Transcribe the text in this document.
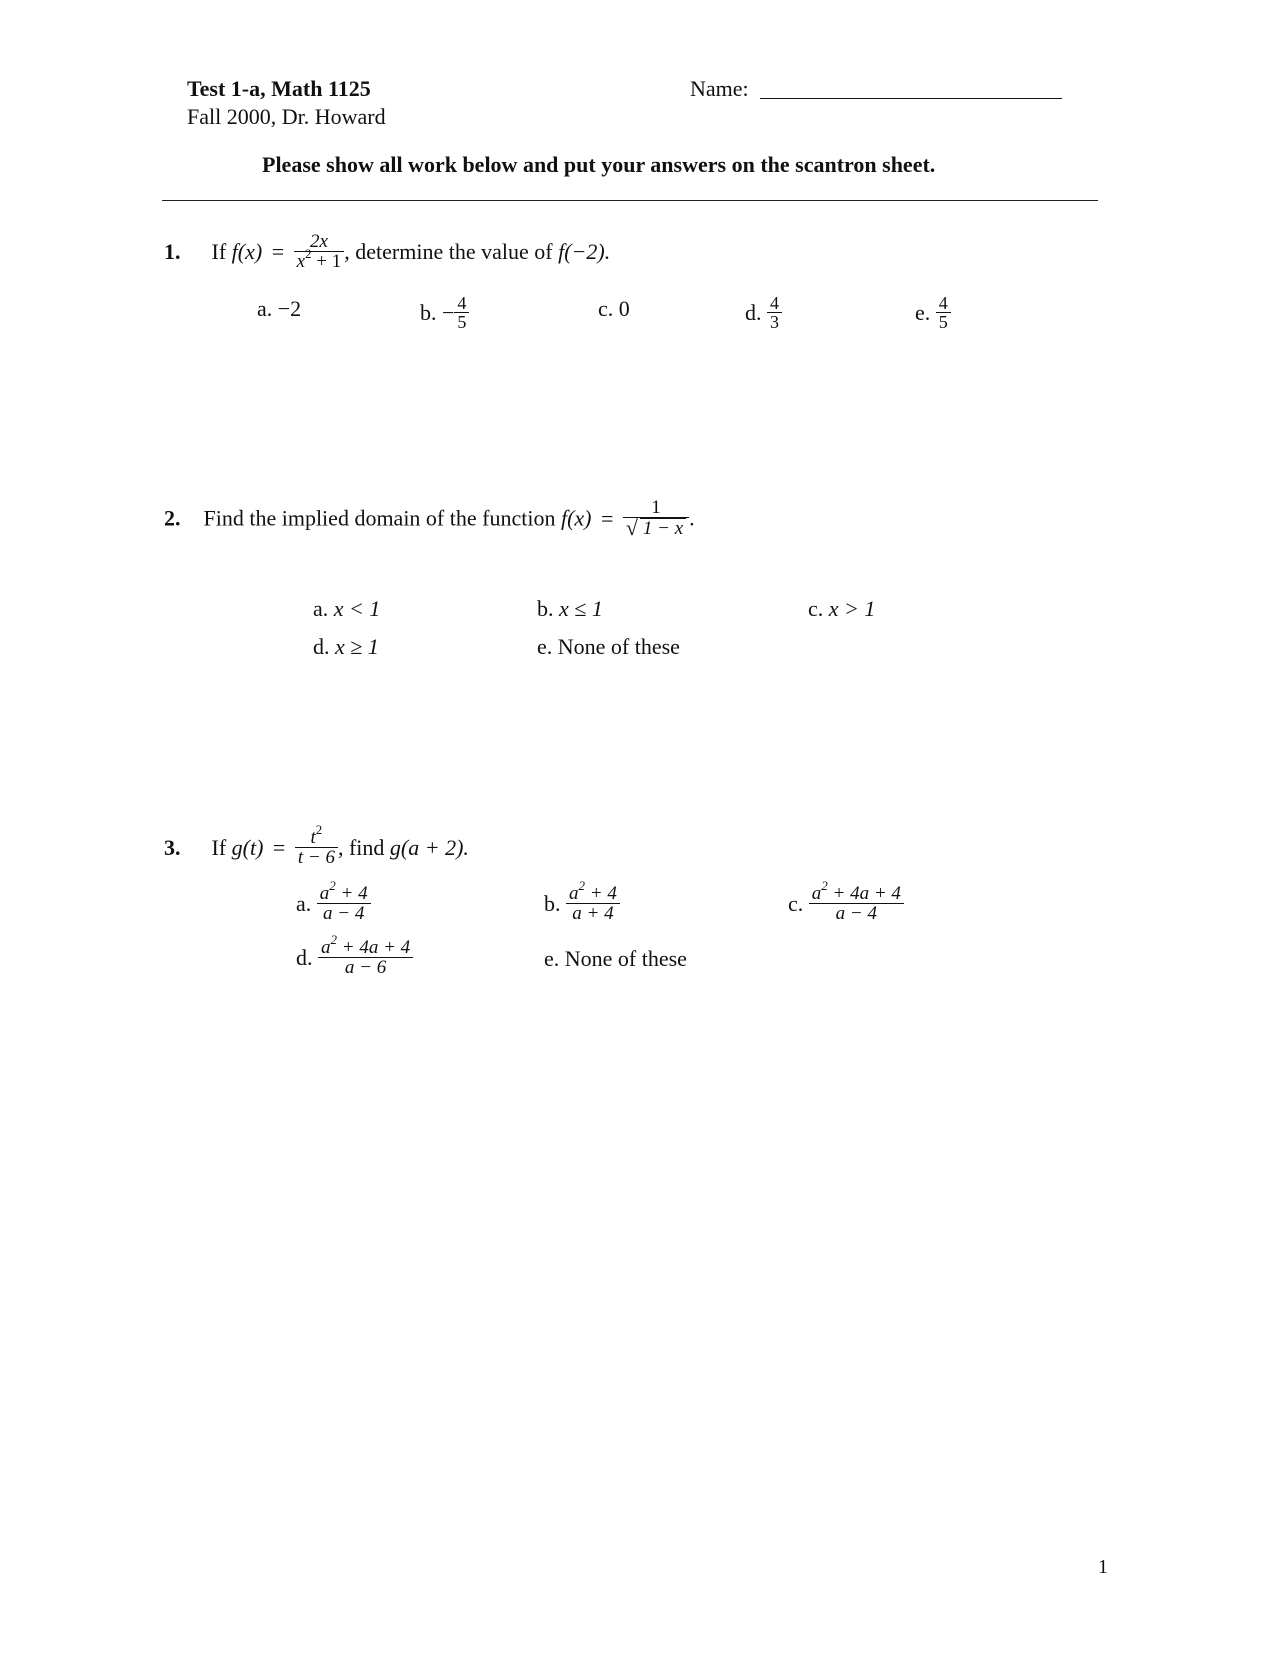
Test 1-a, Math 1125
Fall 2000, Dr. Howard
Name:
Please show all work below and put your answers on the scantron sheet.
1. If $f(x) = \frac{2x}{x^2 + 1}$ , determine the value of f(−2).
a. −2	b. − $\frac{4}{5}$	c. 0	d. $\frac{4}{3}$	e. $\frac{4}{5}$
2. Find the implied domain of the function $f(x) = \frac{1}{√ 1 - x}$ .
a. x < 1	b. x ≤ 1	c. x > 1
d. x ≥ 1	e. None of these
3. If $g(t) = \frac{t^2}{t - 6}$ , find g(a + 2).
a. $\frac{a^2 + 4}{a - 4}$	b. $\frac{a^2 + 4}{a + 4}$	c. $\frac{a^2 + 4a + 4}{a - 4}$
d. $\frac{a^2 + 4a + 4}{a - 6}$	e. None of these
1
